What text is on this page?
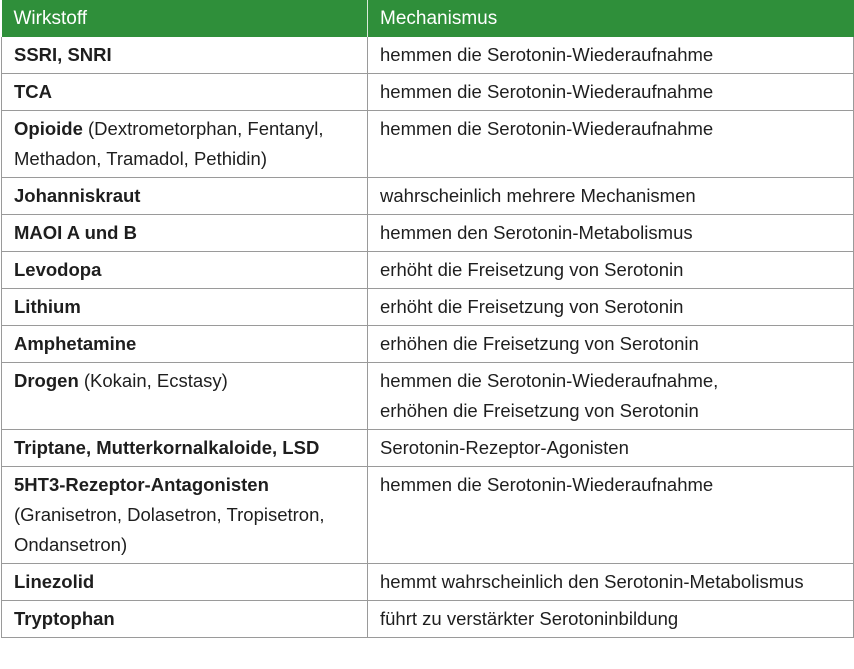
Wirkstoff	Mechanismus
SSRI, SNRI	hemmen die Serotonin-Wiederaufnahme

TCA	hemmen die Serotonin-Wiederaufnahme

Opioide (Dextrometorphan, Fentanyl, Methadon, Tramadol, Pethidin)	hemmen die Serotonin-Wiederaufnahme

Johanniskraut	wahrscheinlich mehrere Mechanismen

MAOI A und B	hemmen den Serotonin-Metabolismus

Levodopa	erhöht die Freisetzung von Serotonin

Lithium	erhöht die Freisetzung von Serotonin

Amphetamine	erhöhen die Freisetzung von Serotonin

Drogen (Kokain, Ecstasy)	hemmen die Serotonin-Wiederaufnahme,
erhöhen die Freisetzung von Serotonin

Triptane, Mutterkornalkaloide, LSD	Serotonin-Rezeptor-Agonisten

5HT3-Rezeptor-Antagonisten
(Granisetron, Dolasetron, Tropisetron, Ondansetron)	hemmen die Serotonin-Wiederaufnahme

Linezolid	hemmt wahrscheinlich den Serotonin-Metabolismus

Tryptophan	führt zu verstärkter Serotoninbildung
